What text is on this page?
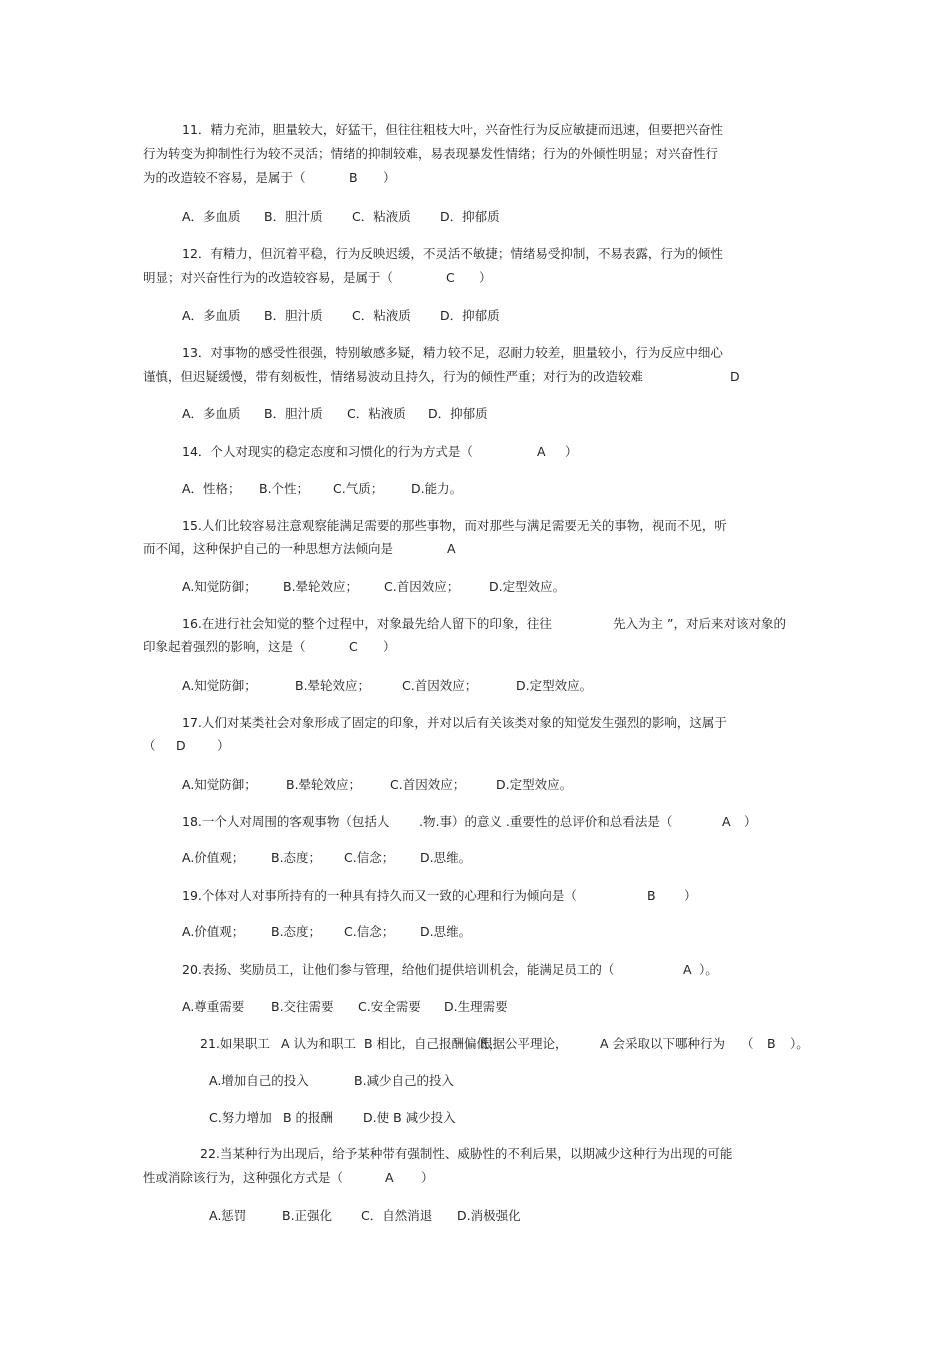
11．精力充沛，胆量较大，好猛干，但往往粗枝大叶，兴奋性行为反应敏捷而迅速，但要把兴奋性
行为转变为抑制性行为较不灵活；情绪的抑制较难，易表现暴发性情绪；行为的外倾性明显；对兴奋性行
为的改造较不容易，是属于（	B ）
A．多血质 B．胆汁质 C．粘液质 D．抑郁质
12．有精力，但沉着平稳，行为反映迟缓，不灵活不敏捷；情绪易受抑制，不易表露，行为的倾性
明显；对兴奋性行为的改造较容易，是属于（	C ）
A．多血质 B．胆汁质 C．粘液质 D．抑郁质
13．对事物的感受性很强，特别敏感多疑，精力较不足，忍耐力较差，胆量较小，行为反应中细心
谨慎，但迟疑缓慢，带有刻板性，情绪易波动且持久，行为的倾性严重；对行为的改造较难	D
A．多血质 B．胆汁质 C．粘液质 D．抑郁质
14．个人对现实的稳定态度和习惯化的行为方式是（	A ）
A．性格； B.个性； C.气质； D.能力。
15.人们比较容易注意观察能满足需要的那些事物，而对那些与满足需要无关的事物，视而不见，听
而不闻，这种保护自己的一种思想方法倾向是	A
A.知觉防御； B.晕轮效应； C.首因效应； D.定型效应。
16.在进行社会知觉的整个过程中，对象最先给人留下的印象，往往	先入为主 ”，对后来对该对象的
印象起着强烈的影响，这是（	C ）
A.知觉防御；	B.晕轮效应；	C.首因效应；	D.定型效应。
17.人们对某类社会对象形成了固定的印象，并对以后有关该类对象的知觉发生强烈的影响，这属于
（ D	）
A.知觉防御； B.晕轮效应； C.首因效应； D.定型效应。
18.一个人对周围的客观事物（包括人 .物.事）的意义 .重要性的总评价和总看法是（	A ）
A.价值观； B.态度； C.信念； D.思维。
19.个体对人对事所持有的一种具有持久而又一致的心理和行为倾向是（	B ）
A.价值观； B.态度； C.信念； D.思维。
20.表扬、奖励员工，让他们参与管理，给他们提供培训机会，能满足员工的（	A ）。
A.尊重需要 B.交往需要 C.安全需要 D.生理需要
21.如果职工 A 认为和职工 B 相比，自己报酬偏低，
根据公平理论，	A 会采取以下哪种行为 （ B ）。
A.增加自己的投入	B.减少自己的投入
C.努力增加 B 的报酬 D.使 B 减少投入
22.当某种行为出现后，给予某种带有强制性、威胁性的不利后果，以期减少这种行为出现的可能
性或消除该行为，这种强化方式是（	A ）
A.惩罚	B.正强化 C．自然消退 D.消极强化
